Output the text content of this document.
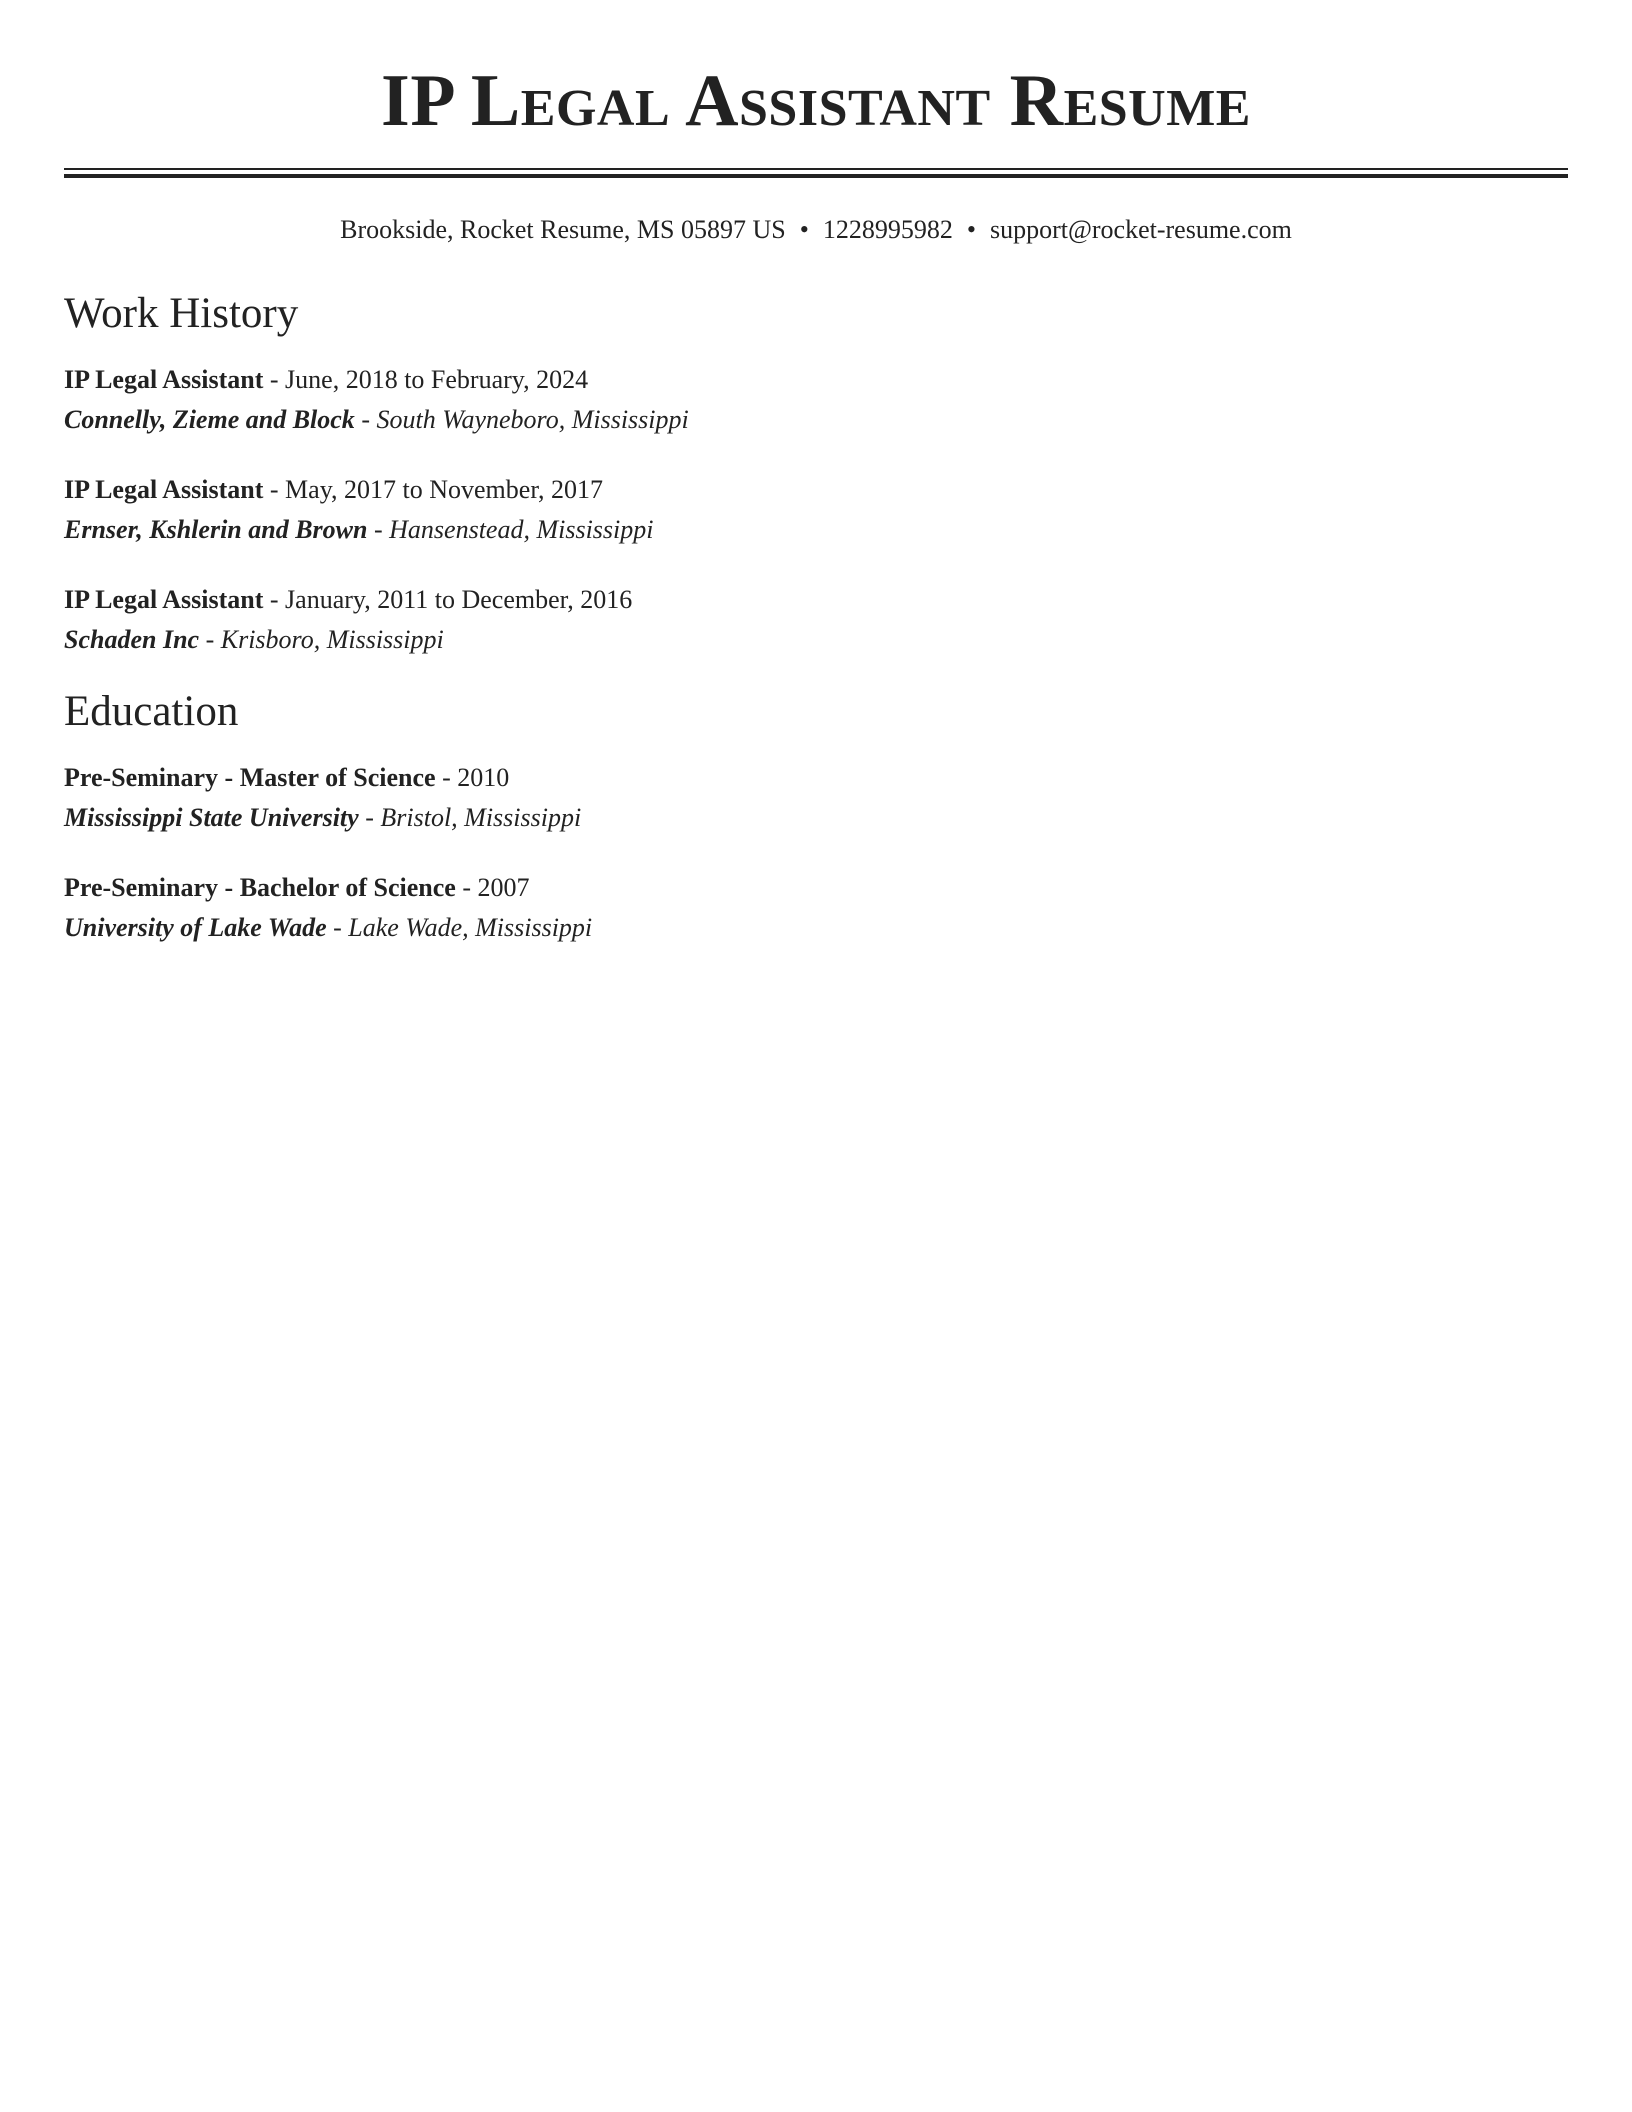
IP Legal Assistant Resume
Brookside, Rocket Resume, MS 05897 US • 1228995982 • support@rocket-resume.com
Work History
IP Legal Assistant - June, 2018 to February, 2024
Connelly, Zieme and Block - South Wayneboro, Mississippi
IP Legal Assistant - May, 2017 to November, 2017
Ernser, Kshlerin and Brown - Hansenstead, Mississippi
IP Legal Assistant - January, 2011 to December, 2016
Schaden Inc - Krisboro, Mississippi
Education
Pre-Seminary - Master of Science - 2010
Mississippi State University - Bristol, Mississippi
Pre-Seminary - Bachelor of Science - 2007
University of Lake Wade - Lake Wade, Mississippi
